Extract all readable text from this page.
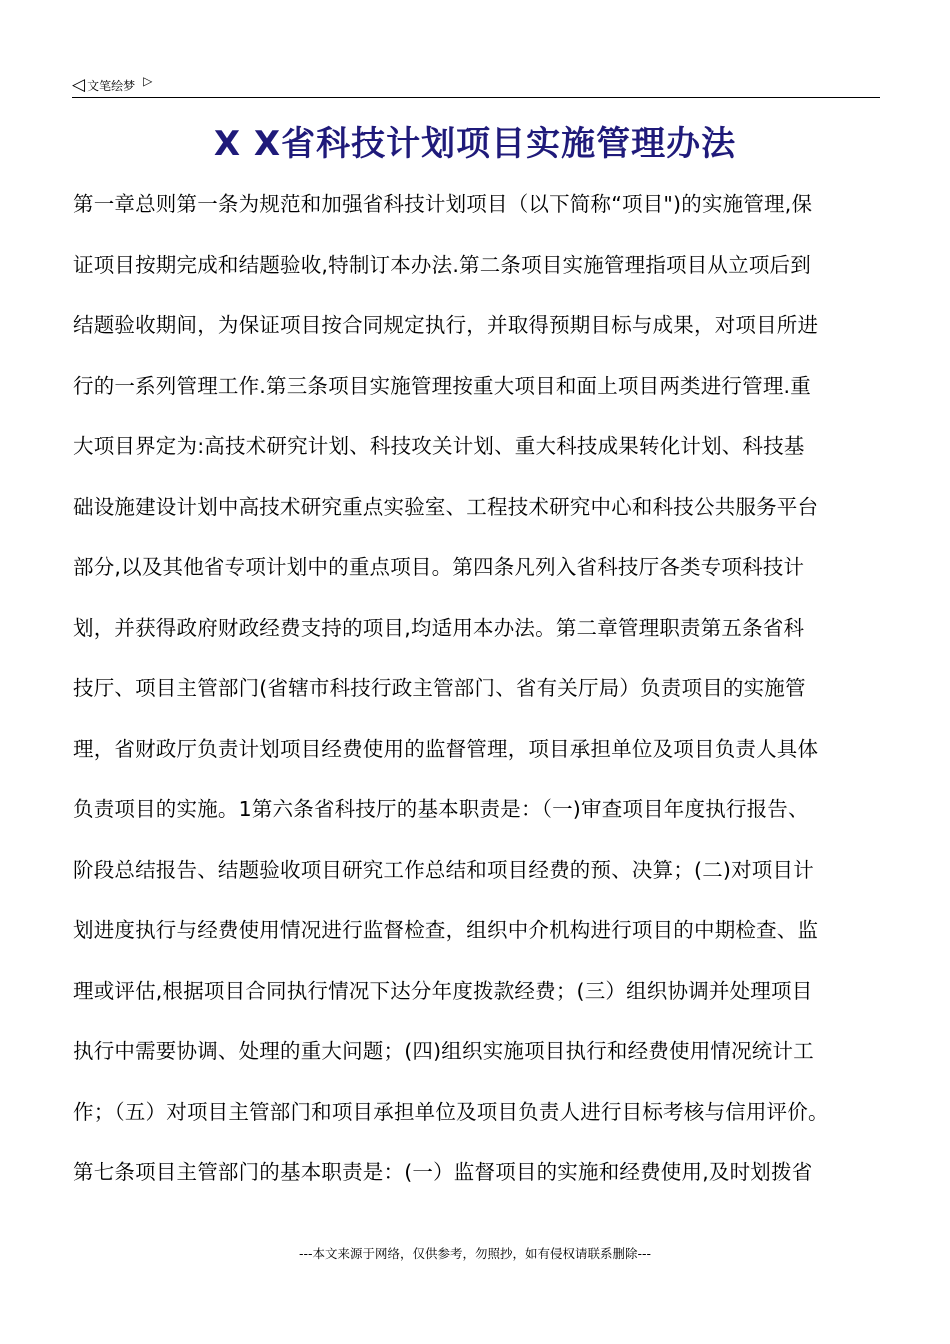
◁ 文笔绘梦 ▷
X X省科技计划项目实施管理办法
第一章总则第一条为规范和加强省科技计划项目（以下简称“项目")的实施管理,保
证项目按期完成和结题验收,特制订本办法.第二条项目实施管理指项目从立项后到
结题验收期间，为保证项目按合同规定执行，并取得预期目标与成果，对项目所进
行的一系列管理工作.第三条项目实施管理按重大项目和面上项目两类进行管理.重
大项目界定为:高技术研究计划、科技攻关计划、重大科技成果转化计划、科技基
础设施建设计划中高技术研究重点实验室、工程技术研究中心和科技公共服务平台
部分,以及其他省专项计划中的重点项目。第四条凡列入省科技厅各类专项科技计
划，并获得政府财政经费支持的项目,均适用本办法。第二章管理职责第五条省科
技厅、项目主管部门(省辖市科技行政主管部门、省有关厅局）负责项目的实施管
理，省财政厅负责计划项目经费使用的监督管理，项目承担单位及项目负责人具体
负责项目的实施。1第六条省科技厅的基本职责是：（一)审查项目年度执行报告、
阶段总结报告、结题验收项目研究工作总结和项目经费的预、决算；(二)对项目计
划进度执行与经费使用情况进行监督检查，组织中介机构进行项目的中期检查、监
理或评估,根据项目合同执行情况下达分年度拨款经费；(三）组织协调并处理项目
执行中需要协调、处理的重大问题；(四)组织实施项目执行和经费使用情况统计工
作；（五）对项目主管部门和项目承担单位及项目负责人进行目标考核与信用评价。
第七条项目主管部门的基本职责是：(一）监督项目的实施和经费使用,及时划拨省
---本文来源于网络，仅供参考，勿照抄，如有侵权请联系删除---
